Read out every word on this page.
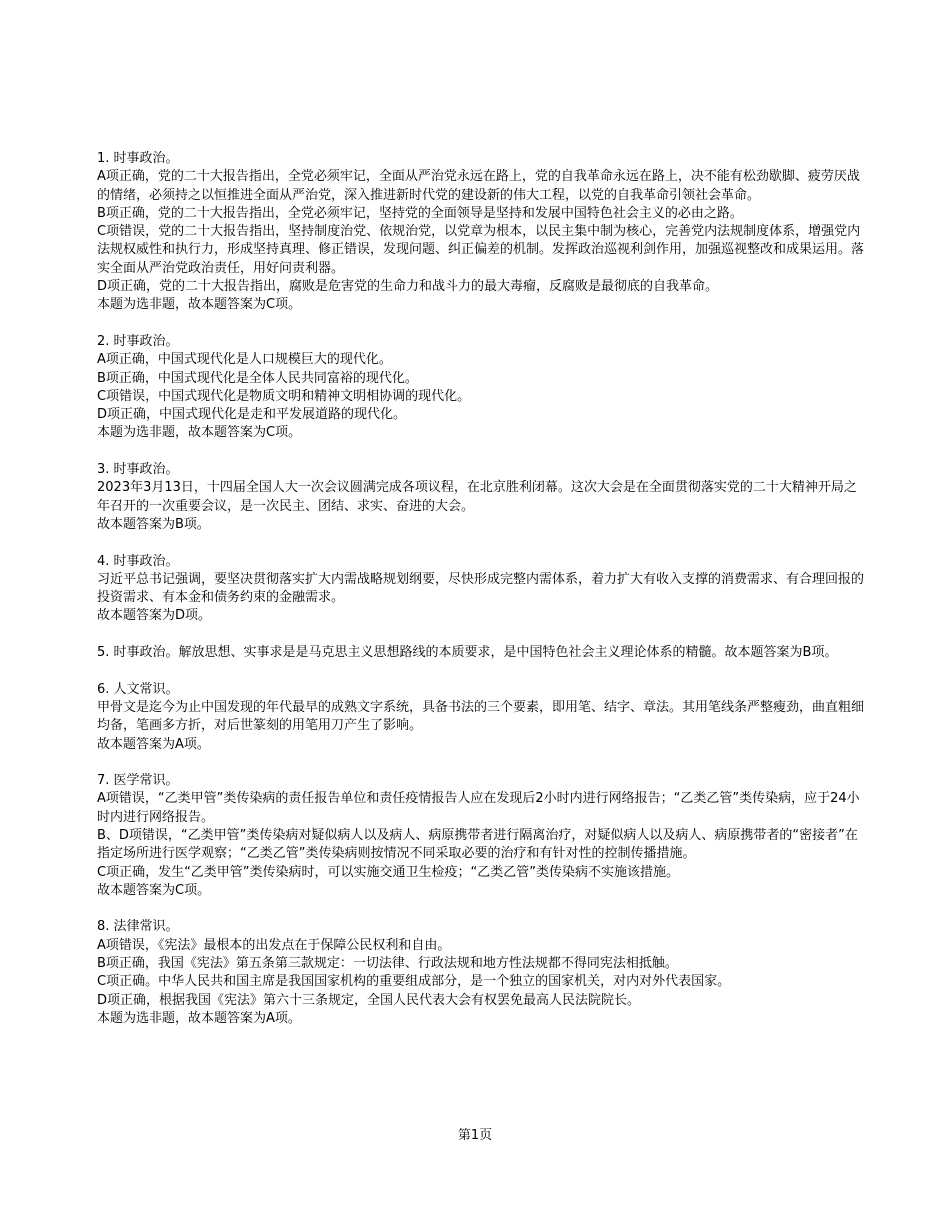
1. 时事政治。
A项正确，党的二十大报告指出，全党必须牢记，全面从严治党永远在路上，党的自我革命永远在路上，决不能有松劲歇脚、疲劳厌战的情绪，必须持之以恒推进全面从严治党，深入推进新时代党的建设新的伟大工程，以党的自我革命引领社会革命。
B项正确，党的二十大报告指出，全党必须牢记，坚持党的全面领导是坚持和发展中国特色社会主义的必由之路。
C项错误，党的二十大报告指出，坚持制度治党、依规治党，以党章为根本，以民主集中制为核心，完善党内法规制度体系，增强党内法规权威性和执行力，形成坚持真理、修正错误，发现问题、纠正偏差的机制。发挥政治巡视利剑作用，加强巡视整改和成果运用。落实全面从严治党政治责任，用好问责利器。
D项正确，党的二十大报告指出，腐败是危害党的生命力和战斗力的最大毒瘤，反腐败是最彻底的自我革命。
本题为选非题，故本题答案为C项。
2. 时事政治。
A项正确，中国式现代化是人口规模巨大的现代化。
B项正确，中国式现代化是全体人民共同富裕的现代化。
C项错误，中国式现代化是物质文明和精神文明相协调的现代化。
D项正确，中国式现代化是走和平发展道路的现代化。
本题为选非题，故本题答案为C项。
3. 时事政治。
2023年3月13日，十四届全国人大一次会议圆满完成各项议程，在北京胜利闭幕。这次大会是在全面贯彻落实党的二十大精神开局之年召开的一次重要会议，是一次民主、团结、求实、奋进的大会。
故本题答案为B项。
4. 时事政治。
习近平总书记强调，要坚决贯彻落实扩大内需战略规划纲要，尽快形成完整内需体系，着力扩大有收入支撑的消费需求、有合理回报的投资需求、有本金和债务约束的金融需求。
故本题答案为D项。
5. 时事政治。解放思想、实事求是是马克思主义思想路线的本质要求，是中国特色社会主义理论体系的精髓。故本题答案为B项。
6. 人文常识。
甲骨文是迄今为止中国发现的年代最早的成熟文字系统，具备书法的三个要素，即用笔、结字、章法。其用笔线条严整瘦劲，曲直粗细均备，笔画多方折，对后世篆刻的用笔用刀产生了影响。
故本题答案为A项。
7. 医学常识。
A项错误，“乙类甲管”类传染病的责任报告单位和责任疫情报告人应在发现后2小时内进行网络报告；“乙类乙管”类传染病，应于24小时内进行网络报告。
B、D项错误，“乙类甲管”类传染病对疑似病人以及病人、病原携带者进行隔离治疗，对疑似病人以及病人、病原携带者的“密接者”在指定场所进行医学观察；“乙类乙管”类传染病则按情况不同采取必要的治疗和有针对性的控制传播措施。
C项正确，发生“乙类甲管”类传染病时，可以实施交通卫生检疫；“乙类乙管”类传染病不实施该措施。
故本题答案为C项。
8. 法律常识。
A项错误，《宪法》最根本的出发点在于保障公民权利和自由。
B项正确，我国《宪法》第五条第三款规定：一切法律、行政法规和地方性法规都不得同宪法相抵触。
C项正确。中华人民共和国主席是我国国家机构的重要组成部分，是一个独立的国家机关，对内对外代表国家。
D项正确，根据我国《宪法》第六十三条规定，全国人民代表大会有权罢免最高人民法院院长。
本题为选非题，故本题答案为A项。
第1页
